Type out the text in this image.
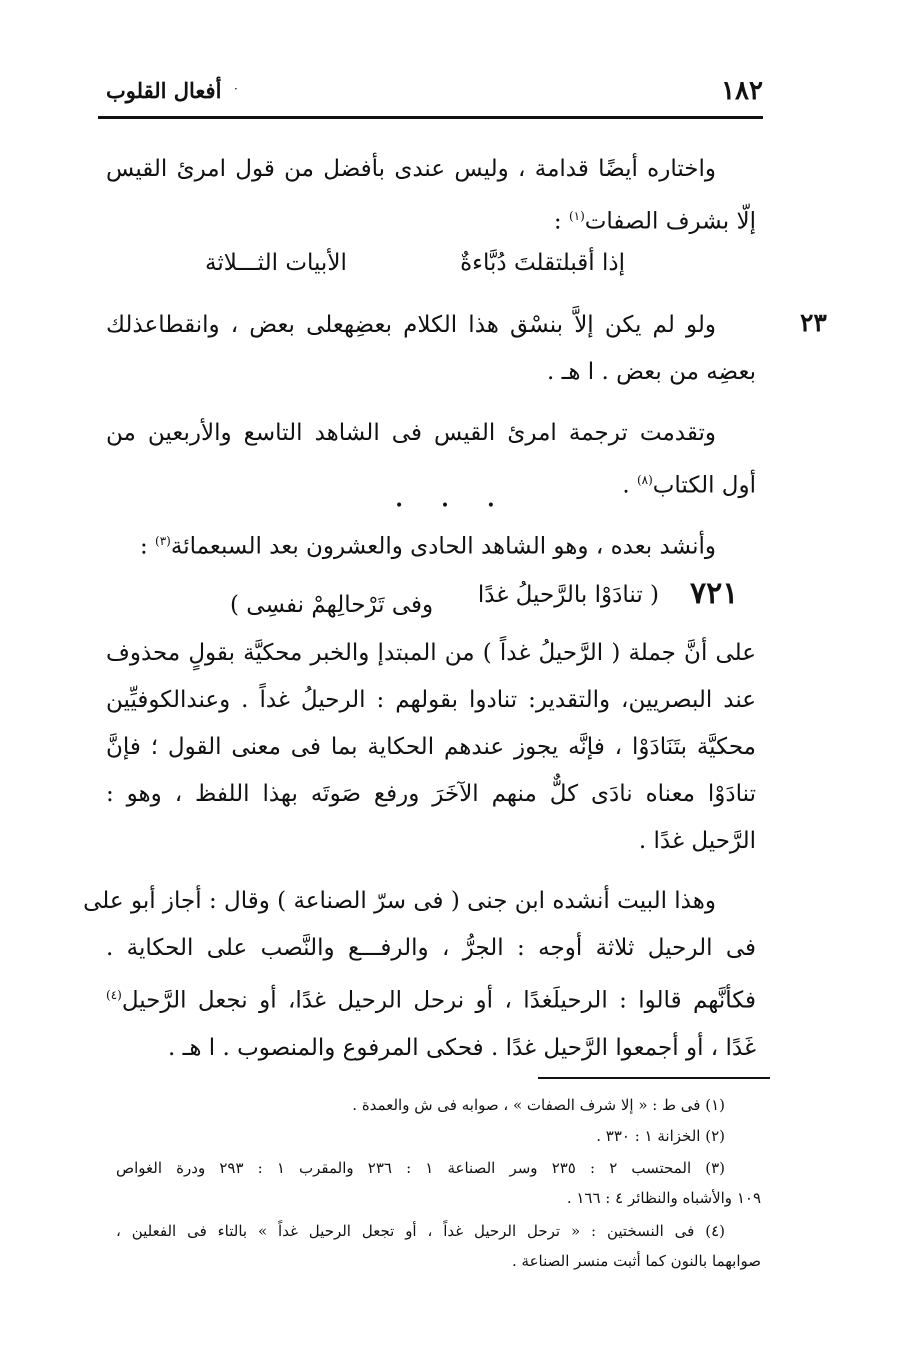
١٨٢
·
أفعال القلوب
واختاره أيضًا قدامة ، وليس عندى بأفضل من قول امرئ القيس
إلّا بشرف الصفات$^{(١)}$ :
إذا أقبلتقلتَ دُبَّاءةٌ
الأبيات الثـــلاثة
٢٣
ولو لم يكن إلاَّ بنسْق هذا الكلام بعضِهعلى بعض ، وانقطاعذلك
بعضِه من بعض . ا هـ .
وتقدمت ترجمة امرئ القيس فى الشاهد التاسع والأربعين من
أول الكتاب$^{(٨)}$ .
•	•	•
وأنشد بعده ، وهو الشاهد الحادى والعشرون بعد السبعمائة$^{(٣)}$ :
٧٢١
( تنادَوْا بالرَّحيلُ غدًا
وفى تَرْحالِهمْ نفسِى )
على أنَّ جملة ( الرَّحيلُ غداً ) من المبتدإ والخبر محكيَّة بقولٍ محذوف
عند البصريين، والتقدير: تنادوا بقولهم : الرحيلُ غداً . وعندالكوفيِّين
محكيَّة بتَنَادَوْا ، فإنَّه يجوز عندهم الحكاية بما فى معنى القول ؛ فإنَّ
تنادَوْا معناه نادَى كلٌّ منهم الآخَرَ ورفع صَوتَه بهذا اللفظ ، وهو :
الرَّحيل غدًا .
وهذا البيت أنشده ابن جنى ( فى سرّ الصناعة ) وقال : أجاز أبو على
فى الرحيل ثلاثة أوجه : الجرُّ ، والرفـــع والنَّصب على الحكاية .
فكأنَّهم قالوا : الرحيلَغدًا ، أو نرحل الرحيل غدًا، أو نجعل الرَّحيل$^{(٤)}$
غَدًا ، أو أجمعوا الرَّحيل غدًا . فحكى المرفوع والمنصوب . ا هـ .
(١) فى ط : « إلا شرف الصفات » ، صوابه فى ش والعمدة .
(٢) الخزانة ١ : ٣٣٠ .
(٣) المحتسب ٢ : ٢٣٥ وسر الصناعة ١ : ٢٣٦ والمقرب ١ : ٢٩٣ ودرة الغواص
١٠٩ والأشباه والنظائر ٤ : ١٦٦ .
(٤) فى النسختين : « ترحل الرحيل غداً ، أو تجعل الرحيل غداً » بالتاء فى الفعلين ،
صوابهما بالنون كما أثبت منسر الصناعة .
